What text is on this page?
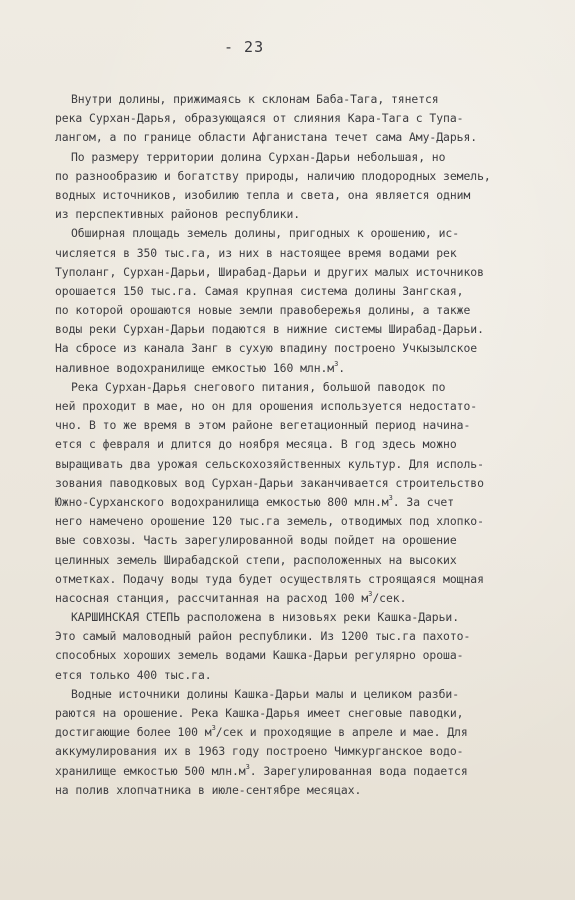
- 23
Внутри долины, прижимаясь к склонам Баба-Тага, тянется
река Сурхан-Дарья, образующаяся от слияния Кара-Тага с Тупа-
лангом, а по границе области Афганистана течет сама Аму-Дарья.
По размеру территории долина Сурхан-Дарьи небольшая, но
по разнообразию и богатству природы, наличию плодородных земель,
водных источников, изобилию тепла и света, она является одним
из перспективных районов республики.
Обширная площадь земель долины, пригодных к орошению, ис-
числяется в 350 тыс.га, из них в настоящее время водами рек
Туполанг, Сурхан-Дарьи, Ширабад-Дарьи и других малых источников
орошается 150 тыс.га. Самая крупная система долины Зангская,
по которой орошаются новые земли правобережья долины, а также
воды реки Сурхан-Дарьи подаются в нижние системы Ширабад-Дарьи.
На сбросе из канала Занг в сухую впадину построено Учкызылское
наливное водохранилище емкостью 160 $млн.м^3$.
Река Сурхан-Дарья снегового питания, большой паводок по
ней проходит в мае, но он для орошения используется недостато-
чно. В то же время в этом районе вегетационный период начина-
ется с февраля и длится до ноября месяца. В год здесь можно
выращивать два урожая сельскохозяйственных культур. Для исполь-
зования паводковых вод Сурхан-Дарьи заканчивается строительство
Южно-Сурханского водохранилища емкостью 800 $млн.м^3$. За счет
него намечено орошение 120 тыс.га земель, отводимых под хлопко-
вые совхозы. Часть зарегулированной воды пойдет на орошение
целинных земель Ширабадской степи, расположенных на высоких
отметках. Подачу воды туда будет осуществлять строящаяся мощная
насосная станция, рассчитанная на расход 100 $м^3$/сек.
КАРШИНСКАЯ СТЕПЬ расположена в низовьях реки Кашка-Дарьи.
Это самый маловодный район республики. Из 1200 тыс.га пахото-
способных хороших земель водами Кашка-Дарьи регулярно ороша-
ется только 400 тыс.га.
Водные источники долины Кашка-Дарьи малы и целиком разби-
раются на орошение. Река Кашка-Дарья имеет снеговые паводки,
достигающие более 100 $м^3$/сек и проходящие в апреле и мае. Для
аккумулирования их в 1963 году построено Чимкурганское водо-
хранилище емкостью 500 $млн.м^3$. Зарегулированная вода подается
на полив хлопчатника в июле-сентябре месяцах.
